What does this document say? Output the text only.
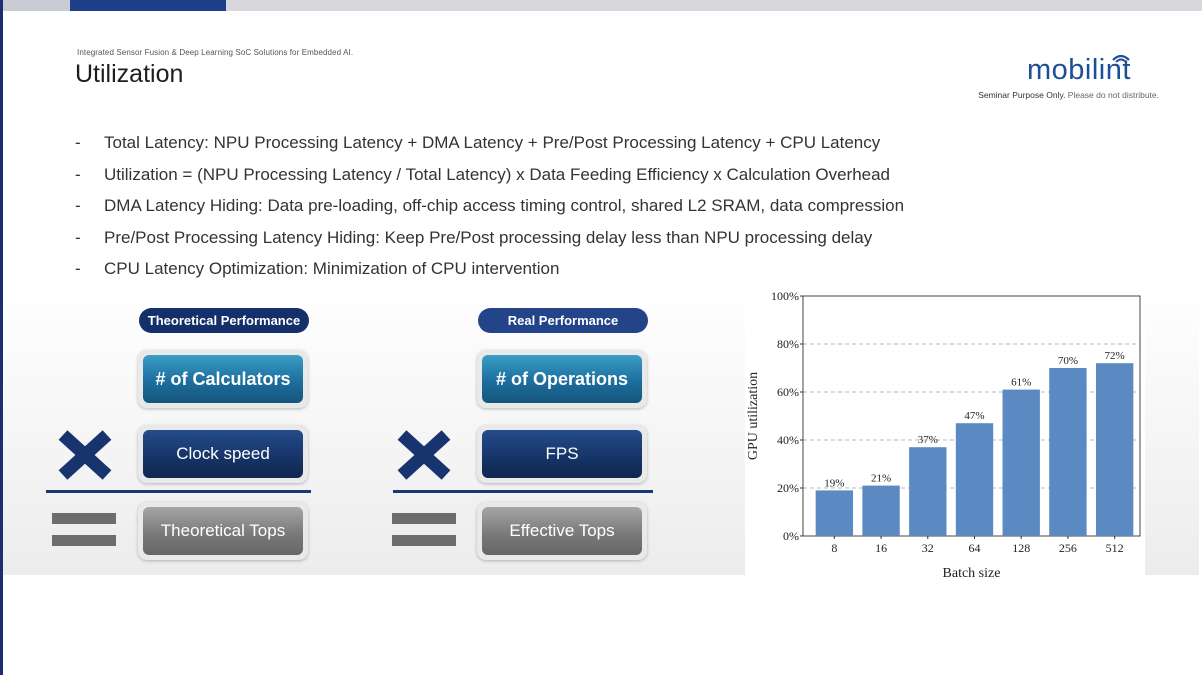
Integrated Sensor Fusion & Deep Learning SoC Solutions for Embedded AI.
Utilization	mobilint
Seminar Purpose Only. Please do not distribute.
- Total Latency: NPU Processing Latency + DMA Latency + Pre/Post Processing Latency + CPU Latency
- Utilization = (NPU Processing Latency / Total Latency) x Data Feeding Efficiency x Calculation Overhead
- DMA Latency Hiding: Data pre-loading, off-chip access timing control, shared L2 SRAM, data compression
- Pre/Post Processing Latency Hiding: Keep Pre/Post processing delay less than NPU processing delay
- CPU Latency Optimization: Minimization of CPU intervention
Theoretical Performance
# of Calculators
Clock speed
Theoretical Tops
Real Performance
# of Operations
FPS
Effective Tops	0%
20%
40%
60%
80%
100%
19%
8
21%
16
37%
32
47%
64
61%
128
70%
256
72%
512
Batch size
GPU utilization
